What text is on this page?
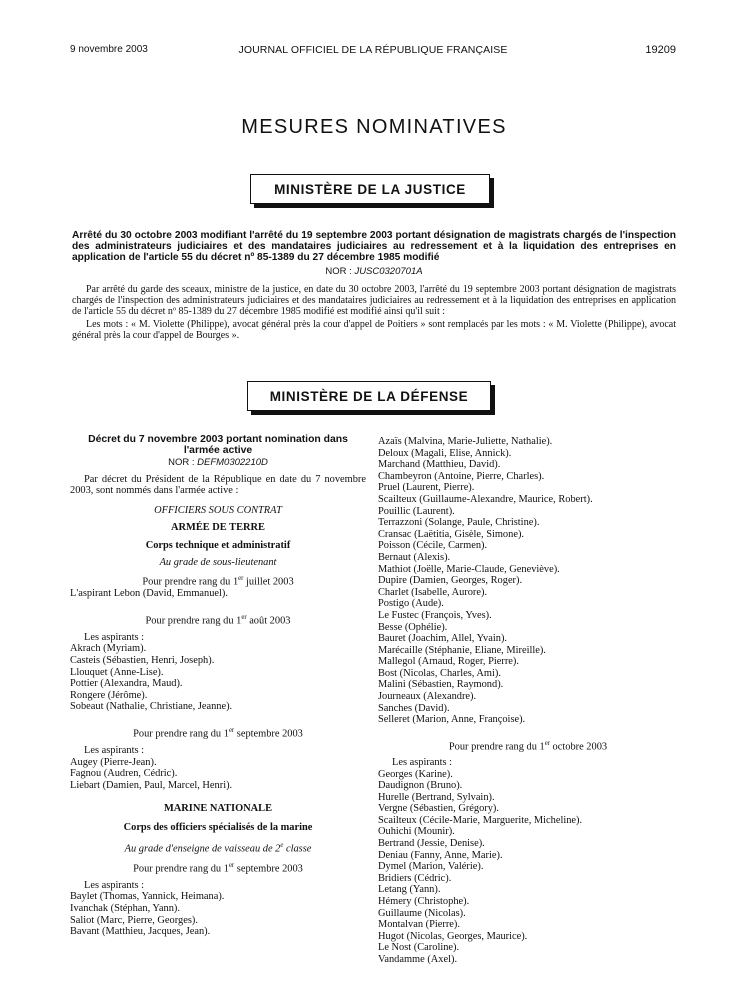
9 novembre 2003	JOURNAL OFFICIEL DE LA RÉPUBLIQUE FRANÇAISE	19209
MESURES NOMINATIVES
MINISTÈRE DE LA JUSTICE
Arrêté du 30 octobre 2003 modifiant l'arrêté du 19 septembre 2003 portant désignation de magistrats chargés de l'inspection des administrateurs judiciaires et des mandataires judiciaires au redressement et à la liquidation des entreprises en application de l'article 55 du décret nº 85-1389 du 27 décembre 1985 modifié
NOR : JUSC0320701A
Par arrêté du garde des sceaux, ministre de la justice, en date du 30 octobre 2003, l'arrêté du 19 septembre 2003 portant désignation de magistrats chargés de l'inspection des administrateurs judiciaires et des mandataires judiciaires au redressement et à la liquidation des entreprises en application de l'article 55 du décret nº 85-1389 du 27 décembre 1985 modifié est modifié ainsi qu'il suit :
Les mots : « M. Violette (Philippe), avocat général près la cour d'appel de Poitiers » sont remplacés par les mots : « M. Violette (Philippe), avocat général près la cour d'appel de Bourges ».
MINISTÈRE DE LA DÉFENSE
Décret du 7 novembre 2003 portant nomination dans l'armée active
NOR : DEFM0302210D
Par décret du Président de la République en date du 7 novembre 2003, sont nommés dans l'armée active :
OFFICIERS SOUS CONTRAT
ARMÉE DE TERRE
Corps technique et administratif
Au grade de sous-lieutenant
Pour prendre rang du 1er juillet 2003
L'aspirant Lebon (David, Emmanuel).
Pour prendre rang du 1er août 2003
Les aspirants :
Akrach (Myriam).
Casteis (Sébastien, Henri, Joseph).
Llouquet (Anne-Lise).
Pottier (Alexandra, Maud).
Rongere (Jérôme).
Sobeaut (Nathalie, Christiane, Jeanne).
Pour prendre rang du 1er septembre 2003
Les aspirants :
Augey (Pierre-Jean).
Fagnou (Audren, Cédric).
Liebart (Damien, Paul, Marcel, Henri).
MARINE NATIONALE
Corps des officiers spécialisés de la marine
Au grade d'enseigne de vaisseau de 2e classe
Pour prendre rang du 1er septembre 2003
Les aspirants :
Baylet (Thomas, Yannick, Heimana).
Ivanchak (Stéphan, Yann).
Saliot (Marc, Pierre, Georges).
Bavant (Matthieu, Jacques, Jean).
Azaïs (Malvina, Marie-Juliette, Nathalie).
Deloux (Magali, Elise, Annick).
Marchand (Matthieu, David).
Chambeyron (Antoine, Pierre, Charles).
Pruel (Laurent, Pierre).
Scailteux (Guillaume-Alexandre, Maurice, Robert).
Pouillic (Laurent).
Terrazzoni (Solange, Paule, Christine).
Cransac (Laëtitia, Gisèle, Simone).
Poisson (Cécile, Carmen).
Bernaut (Alexis).
Mathiot (Joëlle, Marie-Claude, Geneviève).
Dupire (Damien, Georges, Roger).
Charlet (Isabelle, Aurore).
Postigo (Aude).
Le Fustec (François, Yves).
Besse (Ophélie).
Bauret (Joachim, Allel, Yvain).
Marécaille (Stéphanie, Eliane, Mireille).
Mallegol (Arnaud, Roger, Pierre).
Bost (Nicolas, Charles, Ami).
Malini (Sébastien, Raymond).
Journeaux (Alexandre).
Sanches (David).
Selleret (Marion, Anne, Françoise).
Pour prendre rang du 1er octobre 2003
Les aspirants :
Georges (Karine).
Daudignon (Bruno).
Hurelle (Bertrand, Sylvain).
Vergne (Sébastien, Grégory).
Scailteux (Cécile-Marie, Marguerite, Micheline).
Ouhichi (Mounir).
Bertrand (Jessie, Denise).
Deniau (Fanny, Anne, Marie).
Dymel (Marion, Valérie).
Bridiers (Cédric).
Letang (Yann).
Hémery (Christophe).
Guillaume (Nicolas).
Montalvan (Pierre).
Hugot (Nicolas, Georges, Maurice).
Le Nost (Caroline).
Vandamme (Axel).
